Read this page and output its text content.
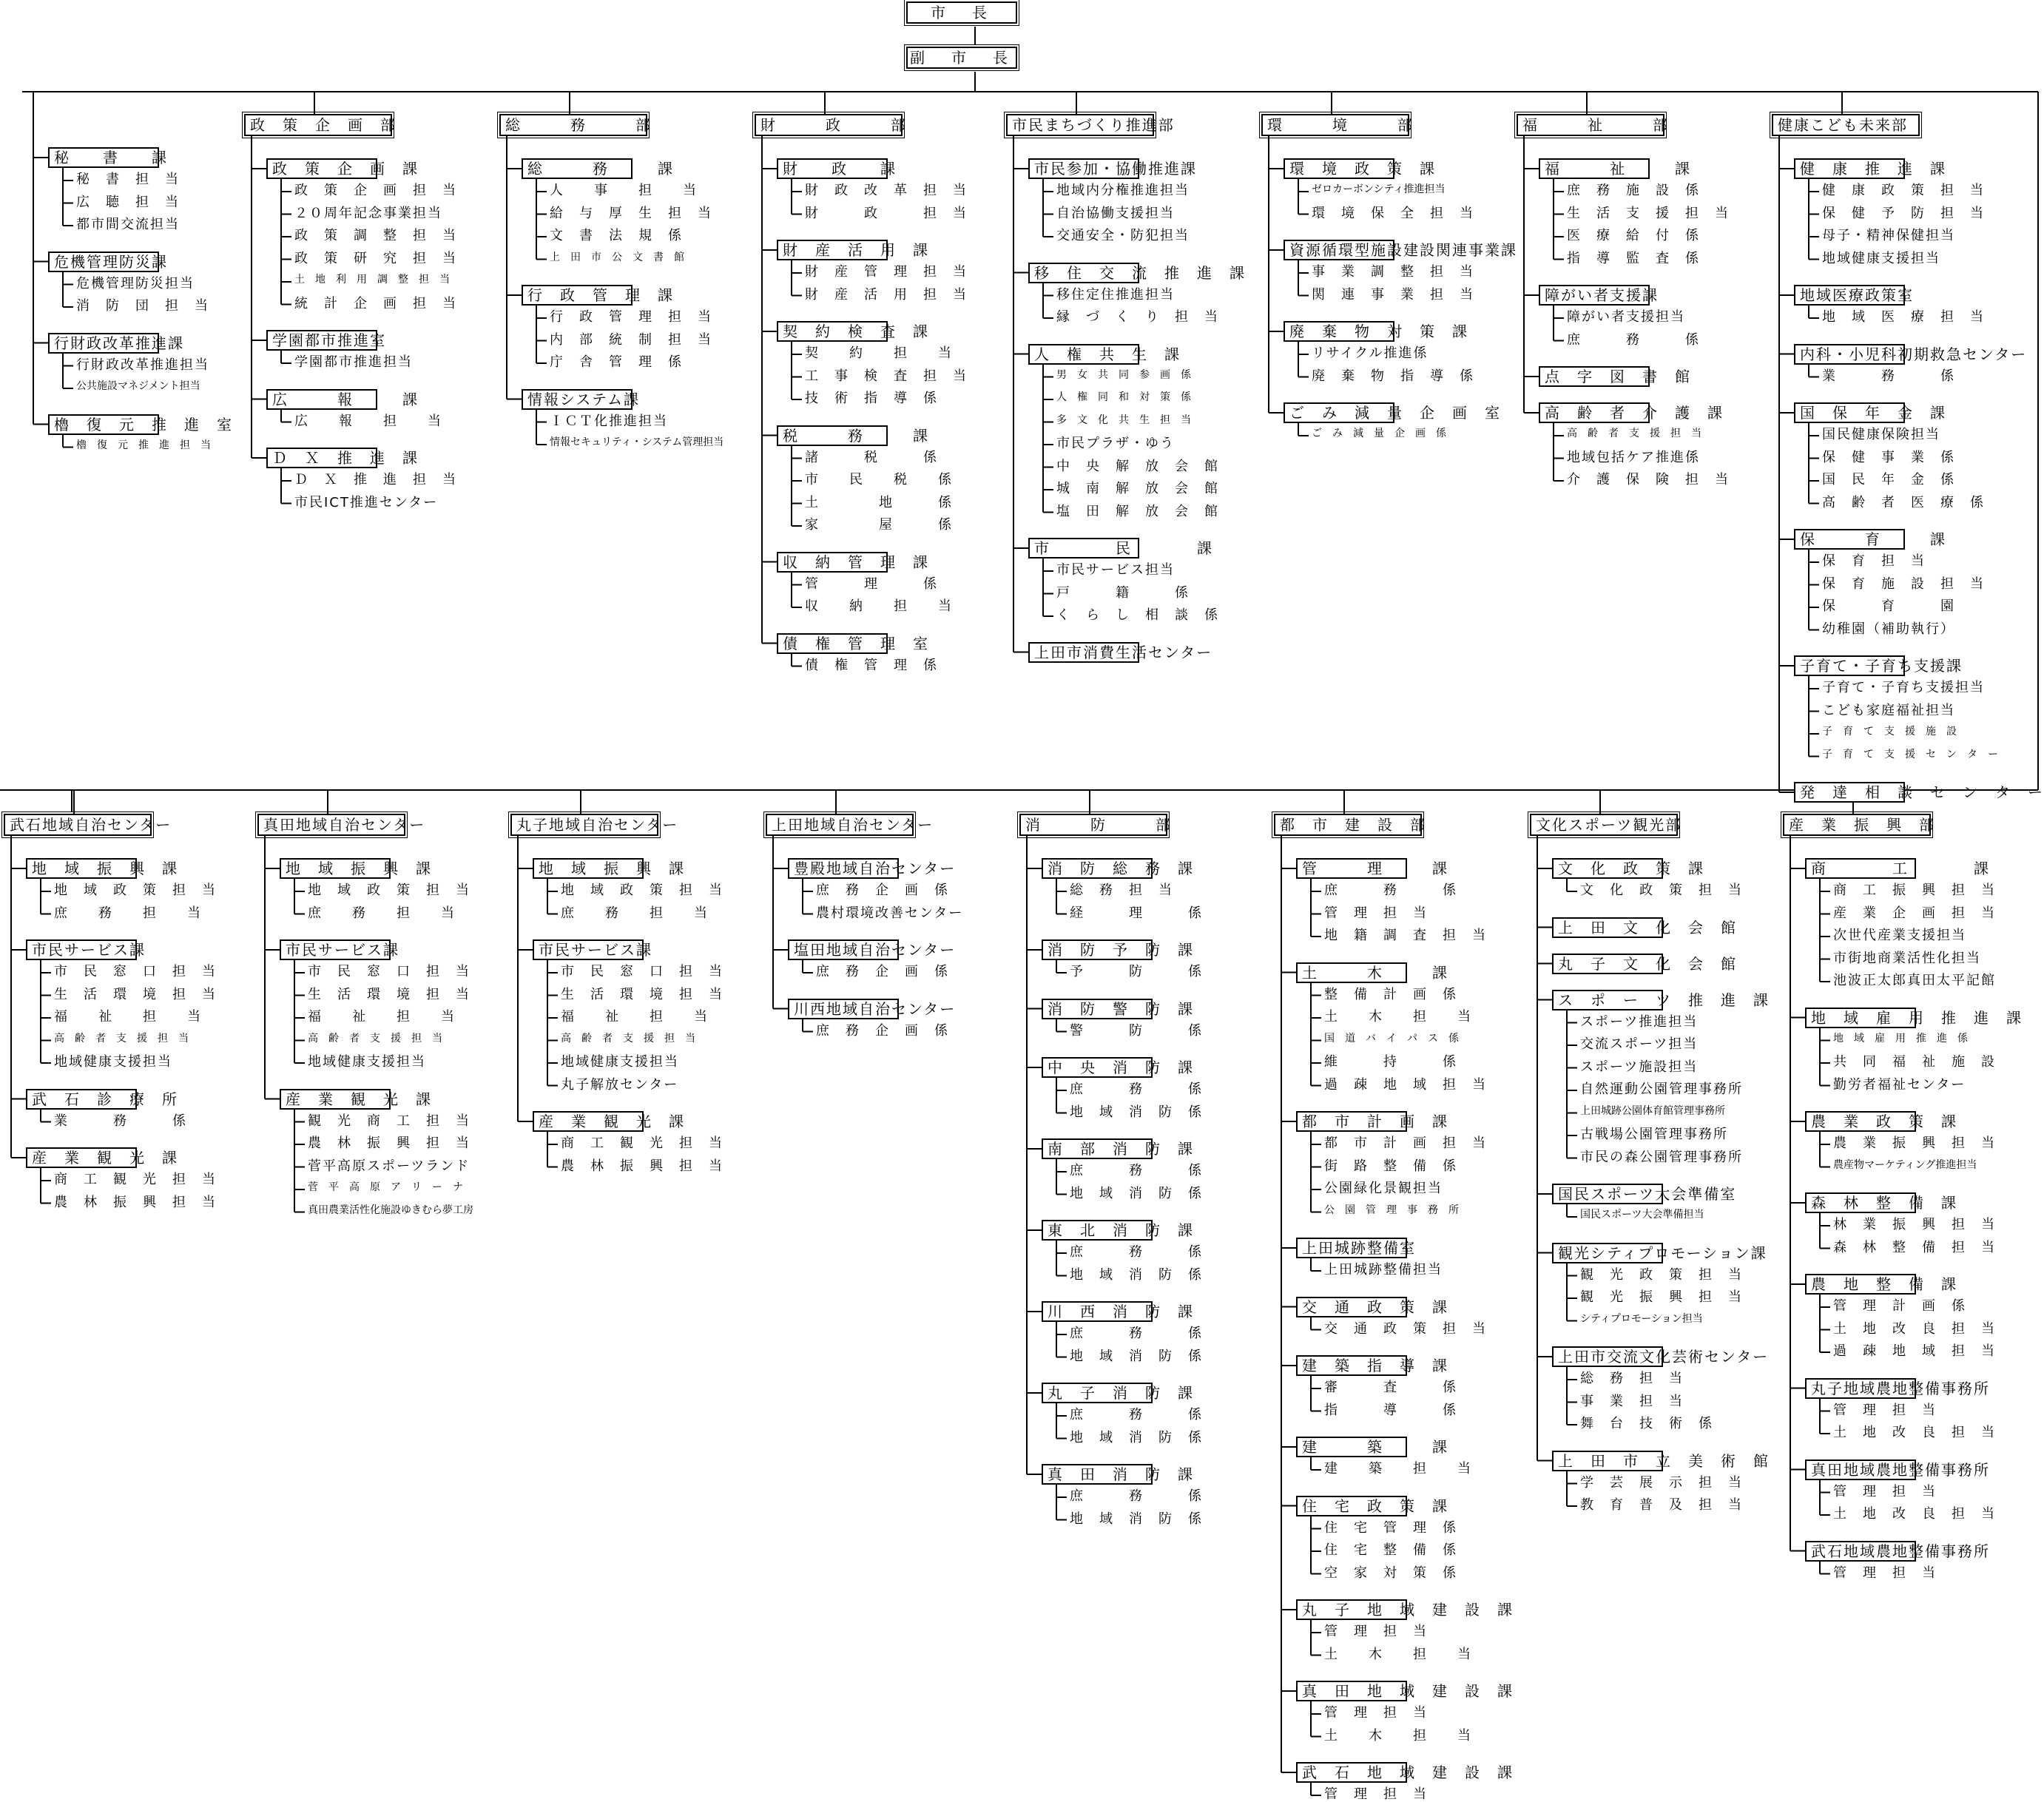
市　長
副　市　長
秘　　書　　課
秘　書　担　当
広　聴　担　当
都市間交流担当
危機管理防災課
危機管理防災担当
消　防　団　担　当
行財政改革推進課
行財政改革推進担当
公共施設マネジメント担当
櫓　復　元　推　進　室
櫓　復　元　推　進　担　当
政　策　企　画　部
政　策　企　画　課
政　策　企　画　担　当
２０周年記念事業担当
政　策　調　整　担　当
政　策　研　究　担　当
土　地　利　用　調　整　担　当
統　計　企　画　担　当
学園都市推進室
学園都市推進担当
広　　　報　　　課
広　　報　　担　　当
Ｄ　Ｘ　推　進　課
Ｄ　Ｘ　推　進　担　当
市民ICT推進センター
総　　　務　　　部
総　　　務　　　課
人　　事　　担　　当
給　与　厚　生　担　当
文　書　法　規　係
上　田　市　公　文　書　館
行　政　管　理　課
行　政　管　理　担　当
内　部　統　制　担　当
庁　舎　管　理　係
情報システム課
ＩＣＴ化推進担当
情報セキュリティ・システム管理担当
財　　　政　　　部
財　　政　　課
財　政　改　革　担　当
財　　　政　　　担　当
財　産　活　用　課
財　産　管　理　担　当
財　産　活　用　担　当
契　約　検　査　課
契　　約　　担　　当
工　事　検　査　担　当
技　術　指　導　係
税　　　務　　　課
諸　　　税　　　係
市　　民　　税　　係
土　　　　地　　　係
家　　　　屋　　　係
収　納　管　理　課
管　　　理　　　係
収　　納　　担　　当
債　権　管　理　室
債　権　管　理　係
市民まちづくり推進部
市民参加・協働推進課
地域内分権推進担当
自治協働支援担当
交通安全・防犯担当
移　住　交　流　推　進　課
移住定住推進担当
縁　づ　く　り　担　当
人　権　共　生　課
男　女　共　同　参　画　係
人　権　同　和　対　策　係
多　文　化　共　生　担　当
市民プラザ・ゆう
中　央　解　放　会　館
城　南　解　放　会　館
塩　田　解　放　会　館
市　　　　民　　　　課
市民サービス担当
戸　　　籍　　　係
く　ら　し　相　談　係
上田市消費生活センター
環　　　境　　　部
環　境　政　策　課
ゼロカーボンシティ推進担当
環　境　保　全　担　当
資源循環型施設建設関連事業課
事　業　調　整　担　当
関　連　事　業　担　当
廃　棄　物　対　策　課
リサイクル推進係
廃　棄　物　指　導　係
ご　み　減　量　企　画　室
ご　み　減　量　企　画　係
福　　　祉　　　部
福　　　祉　　　課
庶　務　施　設　係
生　活　支　援　担　当
医　療　給　付　係
指　導　監　査　係
障がい者支援課
障がい者支援担当
庶　　　務　　　係
点　字　図　書　館
高　齢　者　介　護　課
高　齢　者　支　援　担　当
地域包括ケア推進係
介　護　保　険　担　当
健康こども未来部
健　康　推　進　課
健　康　政　策　担　当
保　健　予　防　担　当
母子・精神保健担当
地域健康支援担当
地域医療政策室
地　域　医　療　担　当
内科・小児科初期救急センター
業　　　務　　　係
国　保　年　金　課
国民健康保険担当
保　健　事　業　係
国　民　年　金　係
高　齢　者　医　療　係
保　　　育　　　課
保　育　担　当
保　育　施　設　担　当
保　　　育　　　園
幼稚園（補助執行）
子育て・子育ち支援課
子育て・子育ち支援担当
こども家庭福祉担当
子　育　て　支　援　施　設
子　育　て　支　援　セ　ン　タ　ー
発　達　相　談　セ　ン　タ　ー
武石地域自治センター
地　域　振　興　課
地　域　政　策　担　当
庶　　務　　担　　当
市民サービス課
市　民　窓　口　担　当
生　活　環　境　担　当
福　　祉　　担　　当
高　齢　者　支　援　担　当
地域健康支援担当
武　石　診　療　所
業　　　務　　　係
産　業　観　光　課
商　工　観　光　担　当
農　林　振　興　担　当
真田地域自治センター
地　域　振　興　課
地　域　政　策　担　当
庶　　務　　担　　当
市民サービス課
市　民　窓　口　担　当
生　活　環　境　担　当
福　　祉　　担　　当
高　齢　者　支　援　担　当
地域健康支援担当
産　業　観　光　課
観　光　商　工　担　当
農　林　振　興　担　当
菅平高原スポーツランド
菅　平　高　原　ア　リ　ー　ナ
真田農業活性化施設ゆきむら夢工房
丸子地域自治センター
地　域　振　興　課
地　域　政　策　担　当
庶　　務　　担　　当
市民サービス課
市　民　窓　口　担　当
生　活　環　境　担　当
福　　祉　　担　　当
高　齢　者　支　援　担　当
地域健康支援担当
丸子解放センター
産　業　観　光　課
商　工　観　光　担　当
農　林　振　興　担　当
上田地域自治センター
豊殿地域自治センター
庶　務　企　画　係
農村環境改善センター
塩田地域自治センター
庶　務　企　画　係
川西地域自治センター
庶　務　企　画　係
消　　　防　　　部
消　防　総　務　課
総　務　担　当
経　　　理　　　係
消　防　予　防　課
予　　　防　　　係
消　防　警　防　課
警　　　防　　　係
中　央　消　防　課
庶　　　務　　　係
地　域　消　防　係
南　部　消　防　課
庶　　　務　　　係
地　域　消　防　係
東　北　消　防　課
庶　　　務　　　係
地　域　消　防　係
川　西　消　防　課
庶　　　務　　　係
地　域　消　防　係
丸　子　消　防　課
庶　　　務　　　係
地　域　消　防　係
真　田　消　防　課
庶　　　務　　　係
地　域　消　防　係
都　市　建　設　部
管　　　理　　　課
庶　　　務　　　係
管　理　担　当
地　籍　調　査　担　当
土　　　木　　　課
整　備　計　画　係
土　　木　　担　　当
国　道　バ　イ　パ　ス　係
維　　　持　　　係
過　疎　地　域　担　当
都　市　計　画　課
都　市　計　画　担　当
街　路　整　備　係
公園緑化景観担当
公　園　管　理　事　務　所
上田城跡整備室
上田城跡整備担当
交　通　政　策　課
交　通　政　策　担　当
建　築　指　導　課
審　　　査　　　係
指　　　導　　　係
建　　　築　　　課
建　　築　　担　　当
住　宅　政　策　課
住　宅　管　理　係
住　宅　整　備　係
空　家　対　策　係
丸　子　地　域　建　設　課
管　理　担　当
土　　木　　担　　当
真　田　地　域　建　設　課
管　理　担　当
土　　木　　担　　当
武　石　地　域　建　設　課
管　理　担　当
文化スポーツ観光部
文　化　政　策　課
文　化　政　策　担　当
上　田　文　化　会　館
丸　子　文　化　会　館
ス　ポ　ー　ツ　推　進　課
スポーツ推進担当
交流スポーツ担当
スポーツ施設担当
自然運動公園管理事務所
上田城跡公園体育館管理事務所
古戦場公園管理事務所
市民の森公園管理事務所
国民スポーツ大会準備室
国民スポーツ大会準備担当
観光シティプロモーション課
観　光　政　策　担　当
観　光　振　興　担　当
シティプロモーション担当
上田市交流文化芸術センター
総　務　担　当
事　業　担　当
舞　台　技　術　係
上　田　市　立　美　術　館
学　芸　展　示　担　当
教　育　普　及　担　当
産　業　振　興　部
商　　　　工　　　　課
商　工　振　興　担　当
産　業　企　画　担　当
次世代産業支援担当
市街地商業活性化担当
池波正太郎真田太平記館
地　域　雇　用　推　進　課
地　域　雇　用　推　進　係
共　同　福　祉　施　設
勤労者福祉センター
農　業　政　策　課
農　業　振　興　担　当
農産物マーケティング推進担当
森　林　整　備　課
林　業　振　興　担　当
森　林　整　備　担　当
農　地　整　備　課
管　理　計　画　係
土　地　改　良　担　当
過　疎　地　域　担　当
丸子地域農地整備事務所
管　理　担　当
土　地　改　良　担　当
真田地域農地整備事務所
管　理　担　当
土　地　改　良　担　当
武石地域農地整備事務所
管　理　担　当
